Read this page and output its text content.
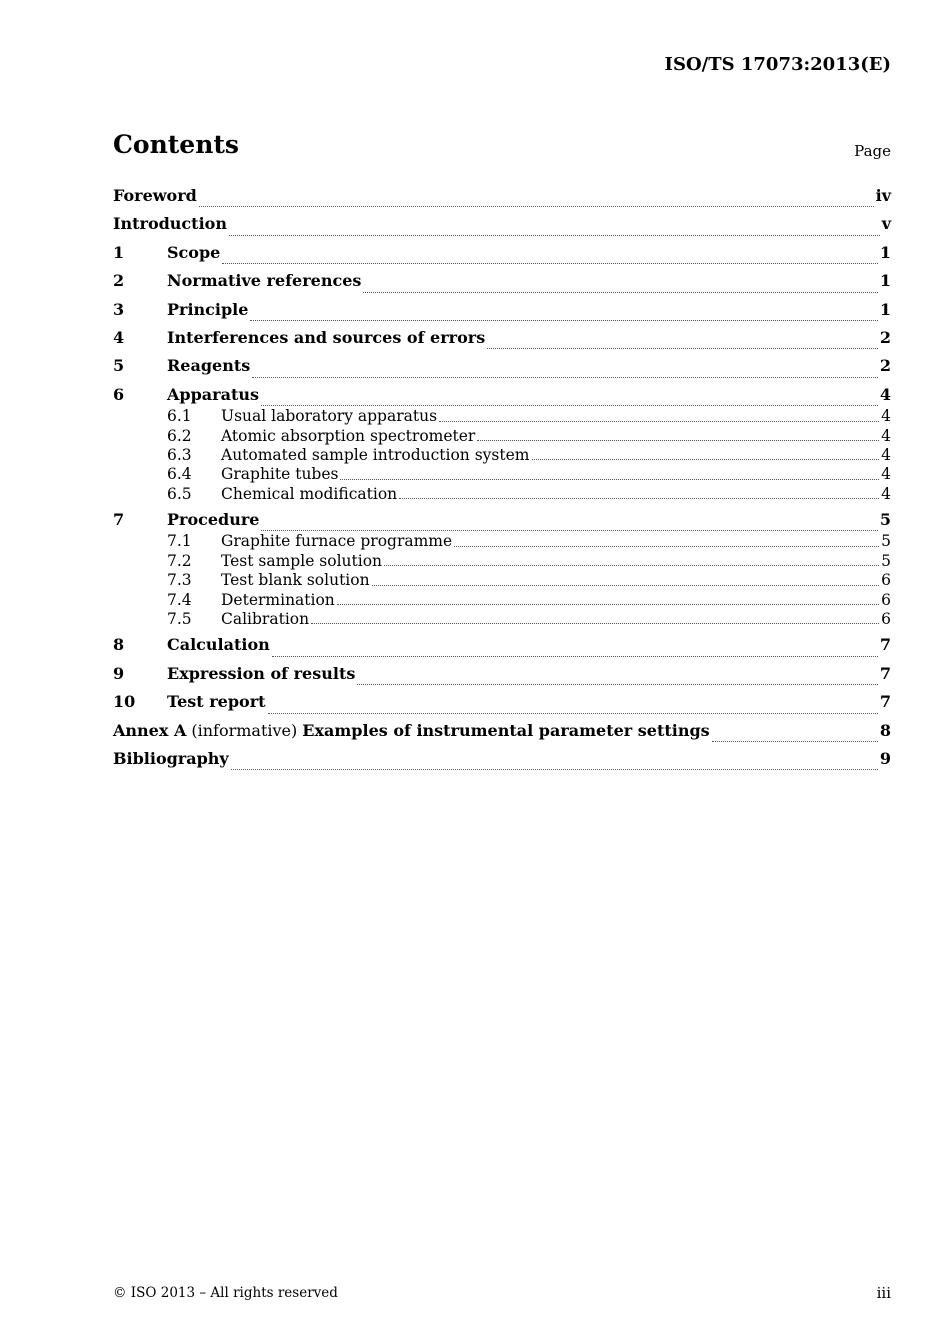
ISO/TS 17073:2013(E)
Contents	Page
Foreword	iv
Introduction	v
1	Scope	1
2	Normative references	1
3	Principle	1
4	Interferences and sources of errors	2
5	Reagents	2
6	Apparatus	4
6.1	Usual laboratory apparatus	4
6.2	Atomic absorption spectrometer	4
6.3	Automated sample introduction system	4
6.4	Graphite tubes	4
6.5	Chemical modification	4
7	Procedure	5
7.1	Graphite furnace programme	5
7.2	Test sample solution	5
7.3	Test blank solution	6
7.4	Determination	6
7.5	Calibration	6
8	Calculation	7
9	Expression of results	7
10	Test report	7
Annex A (informative) Examples of instrumental parameter settings	8
Bibliography	9
© ISO 2013 – All rights reserved	iii
